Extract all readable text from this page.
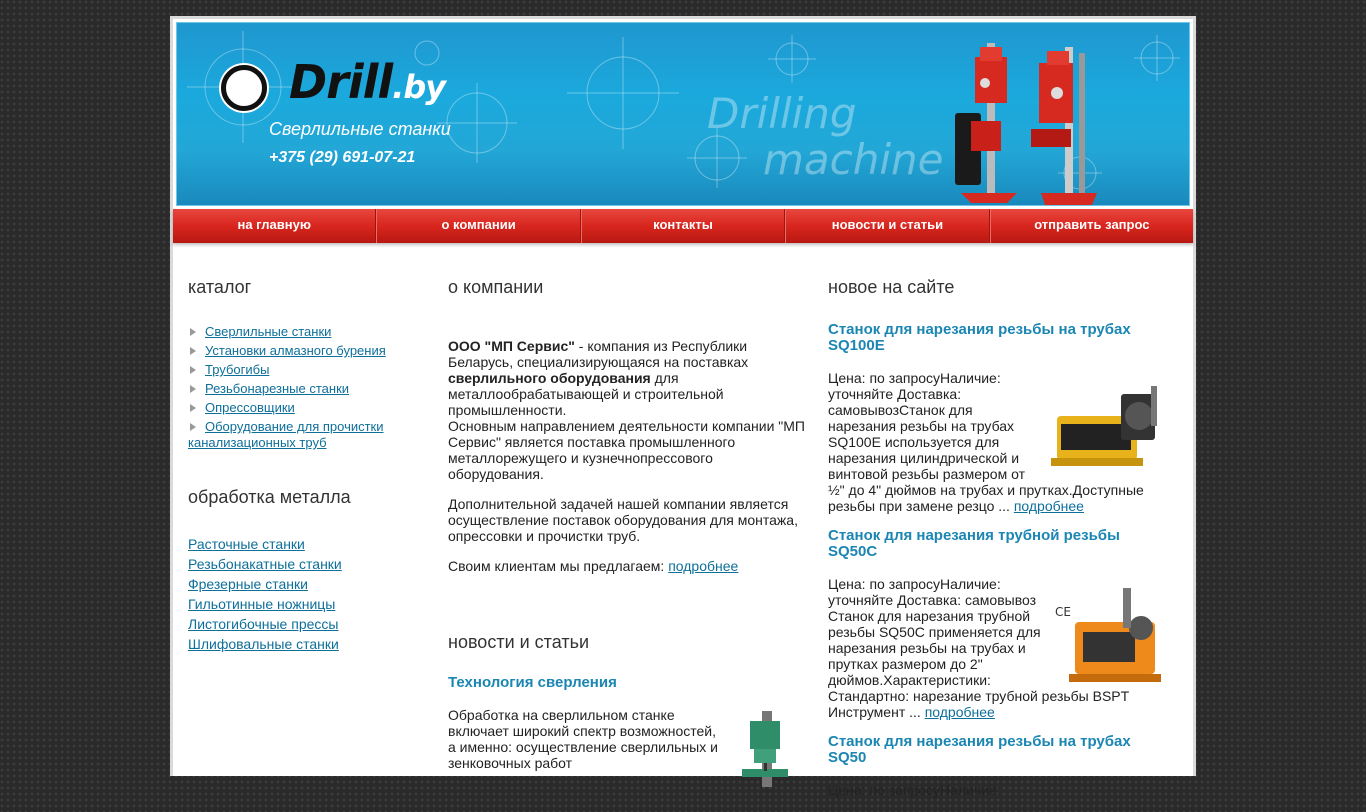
Drill.by
Сверлильные станки
+375 (29) 691-07-21
Drilling
machine
на главную	о компании	контакты	новости и статьи	отправить запрос
каталог
Сверлильные станки
Установки алмазного бурения
Трубогибы
Резьбонарезные станки
Опрессовщики
Оборудование для прочистки канализационных труб
обработка металла
Расточные станки
Резьбонакатные станки
Фрезерные станки
Гильотинные ножницы
Листогибочные прессы
Шлифовальные станки
о компании

ООО "МП Сервис" - компания из Республики Беларусь, специализирующаяся на поставках сверлильного оборудования для металлообрабатывающей и строительной промышленности.

Основным направлением деятельности компании "МП Сервис" является поставка промышленного металлорежущего и кузнечнопрессового оборудования.

Дополнительной задачей нашей компании является осуществление поставок оборудования для монтажа, опрессовки и прочистки труб.

Своим клиентам мы предлагаем: подробнее

новости и статьи
Технология сверления
Обработка на сверлильном станке включает широкий спектр возможностей, а именно: осуществление сверлильных и зенковочных работ
новое на сайте
Станок для нарезания резьбы на трубах SQ100E
Цена: по запросуНаличие: уточняйте Доставка: самовывозСтанок для нарезания резьбы на трубах SQ100E используется для нарезания цилиндрической и винтовой резьбы размером от ½" до 4" дюймов на трубах и прутках.Доступные резьбы при замене резцо ... подробнее
Станок для нарезания трубной резьбы SQ50C
CE
Цена: по запросуНаличие: уточняйте Доставка: самовывоз Станок для нарезания трубной резьбы SQ50C применяется для нарезания резьбы на трубах и прутках размером до 2" дюймов.Характеристики: Стандартно: нарезание трубной резьбы BSPT Инструмент ... подробнее
Станок для нарезания резьбы на трубах SQ50
Цена: по запросуНаличие:
